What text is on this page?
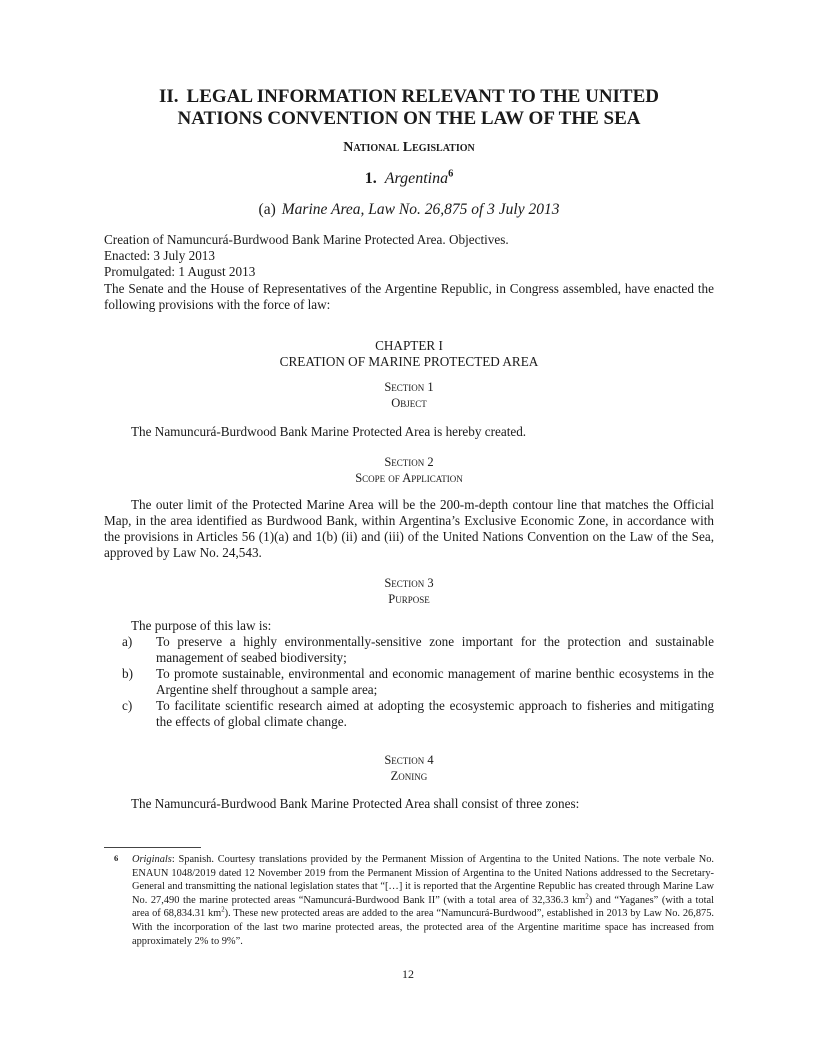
II. LEGAL INFORMATION RELEVANT TO THE UNITED
NATIONS CONVENTION ON THE LAW OF THE SEA
National Legislation
1. Argentina$^6$
(a) Marine Area, Law No. 26,875 of 3 July 2013
Creation of Namuncurá-Burdwood Bank Marine Protected Area. Objectives.
Enacted: 3 July 2013
Promulgated: 1 August 2013
The Senate and the House of Representatives of the Argentine Republic, in Congress assembled, have enacted the following provisions with the force of law:
CHAPTER I
CREATION OF MARINE PROTECTED AREA
Section 1
Object
The Namuncurá-Burdwood Bank Marine Protected Area is hereby created.
Section 2
Scope of Application
The outer limit of the Protected Marine Area will be the 200-m-depth contour line that matches the Official Map, in the area identified as Burdwood Bank, within Argentina’s Exclusive Economic Zone, in accordance with the provisions in Articles 56 (1)(a) and 1(b) (ii) and (iii) of the United Nations Convention on the Law of the Sea, approved by Law No. 24,543.
Section 3
Purpose
The purpose of this law is:
a)	To preserve a highly environmentally-sensitive zone important for the protection and sustainable management of seabed biodiversity;
b)	To promote sustainable, environmental and economic management of marine benthic ecosystems in the Argentine shelf throughout a sample area;
c)	To facilitate scientific research aimed at adopting the ecosystemic approach to fisheries and mitigating the effects of global climate change.
Section 4
Zoning
The Namuncurá-Burdwood Bank Marine Protected Area shall consist of three zones:
6 Originals: Spanish. Courtesy translations provided by the Permanent Mission of Argentina to the United Nations. The note verbale No. ENAUN 1048/2019 dated 12 November 2019 from the Permanent Mission of Argentina to the United Nations addressed to the Secretary-General and transmitting the national legislation states that “[…] it is reported that the Argentine Republic has created through Marine Law No. 27,490 the marine protected areas “Namuncurá-Burdwood Bank II” (with a total area of 32,336.3 $km^2$) and “Yaganes” (with a total area of 68,834.31 $km^2$). These new protected areas are added to the area “Namuncurá-Burdwood”, established in 2013 by Law No. 26,875. With the incorporation of the last two marine protected areas, the protected area of the Argentine maritime space has increased from approximately 2% to 9%”.
12
